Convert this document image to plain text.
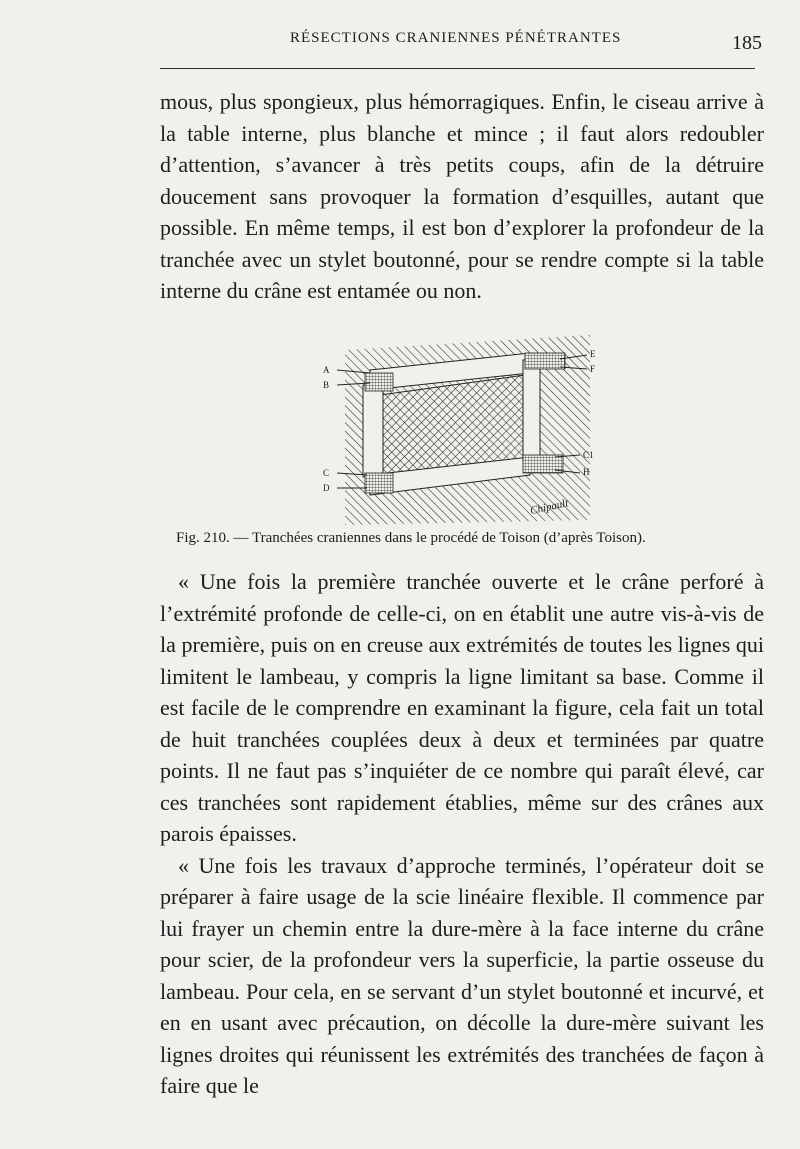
RÉSECTIONS CRANIENNES PÉNÉTRANTES	185

mous, plus spongieux, plus hémorragiques. Enfin, le ciseau arrive à la table interne, plus blanche et mince ; il faut alors redoubler d’attention, s’avancer à très petits coups, afin de la détruire doucement sans provoquer la formation d’esquilles, autant que possible. En même temps, il est bon d’explorer la profondeur de la tranchée avec un stylet boutonné, pour se rendre compte si la table interne du crâne est entamée ou non.

A
B
C
D
E
F
C1
H
Chipault
Fig. 210. — Tranchées craniennes dans le procédé de Toison (d’après Toison).

« Une fois la première tranchée ouverte et le crâne perforé à l’extrémité profonde de celle-ci, on en établit une autre vis-à-vis de la première, puis on en creuse aux extrémités de toutes les lignes qui limitent le lambeau, y compris la ligne limitant sa base. Comme il est facile de le comprendre en examinant la figure, cela fait un total de huit tranchées couplées deux à deux et terminées par quatre points. Il ne faut pas s’inquiéter de ce nombre qui paraît élevé, car ces tranchées sont rapidement établies, même sur des crânes aux parois épaisses.

« Une fois les travaux d’approche terminés, l’opérateur doit se préparer à faire usage de la scie linéaire flexible. Il commence par lui frayer un chemin entre la dure-mère à la face interne du crâne pour scier, de la profondeur vers la superficie, la partie osseuse du lambeau. Pour cela, en se servant d’un stylet boutonné et incurvé, et en en usant avec précaution, on décolle la dure-mère suivant les lignes droites qui réunissent les extrémités des tranchées de façon à faire que le
